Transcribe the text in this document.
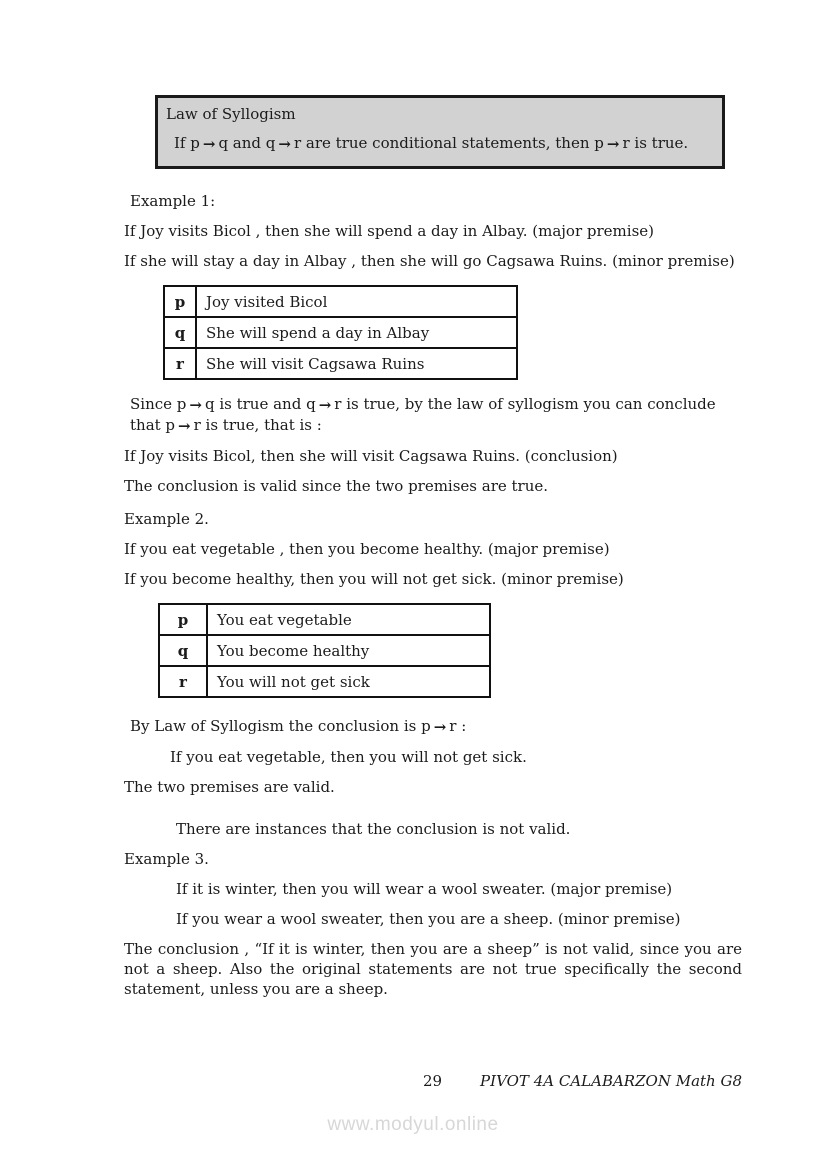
Law of Syllogism
If p → q and q → r are true conditional statements, then p → r is true.
Example 1:
If Joy visits Bicol , then she will spend a day in Albay. (major premise)
If she will stay a day in Albay , then she will go Cagsawa Ruins. (minor premise)
p	Joy visited Bicol
q	She will spend a day in Albay
r	She will visit Cagsawa Ruins
Since p → q is true and q → r is true, by the law of syllogism you can conclude that p → r is true, that is :
If Joy visits Bicol, then she will visit Cagsawa Ruins. (conclusion)
The conclusion is valid since the two premises are true.
Example 2.
If you eat vegetable , then you become healthy. (major premise)
If you become healthy, then you will not get sick. (minor premise)
p	You eat vegetable
q	You become healthy
r	You will not get sick
By Law of Syllogism the conclusion is p → r :
If you eat vegetable, then you will not get sick.
The two premises are valid.
There are instances that the conclusion is not valid.
Example 3.
If it is winter, then you will wear a wool sweater. (major premise)
If you wear a wool sweater, then you are a sheep. (minor premise)
The conclusion , “If it is winter, then you are a sheep” is not valid, since you are not a sheep. Also the original statements are not true specifically the second statement, unless you are a sheep.
29	PIVOT 4A CALABARZON Math G8
www.modyul.online
